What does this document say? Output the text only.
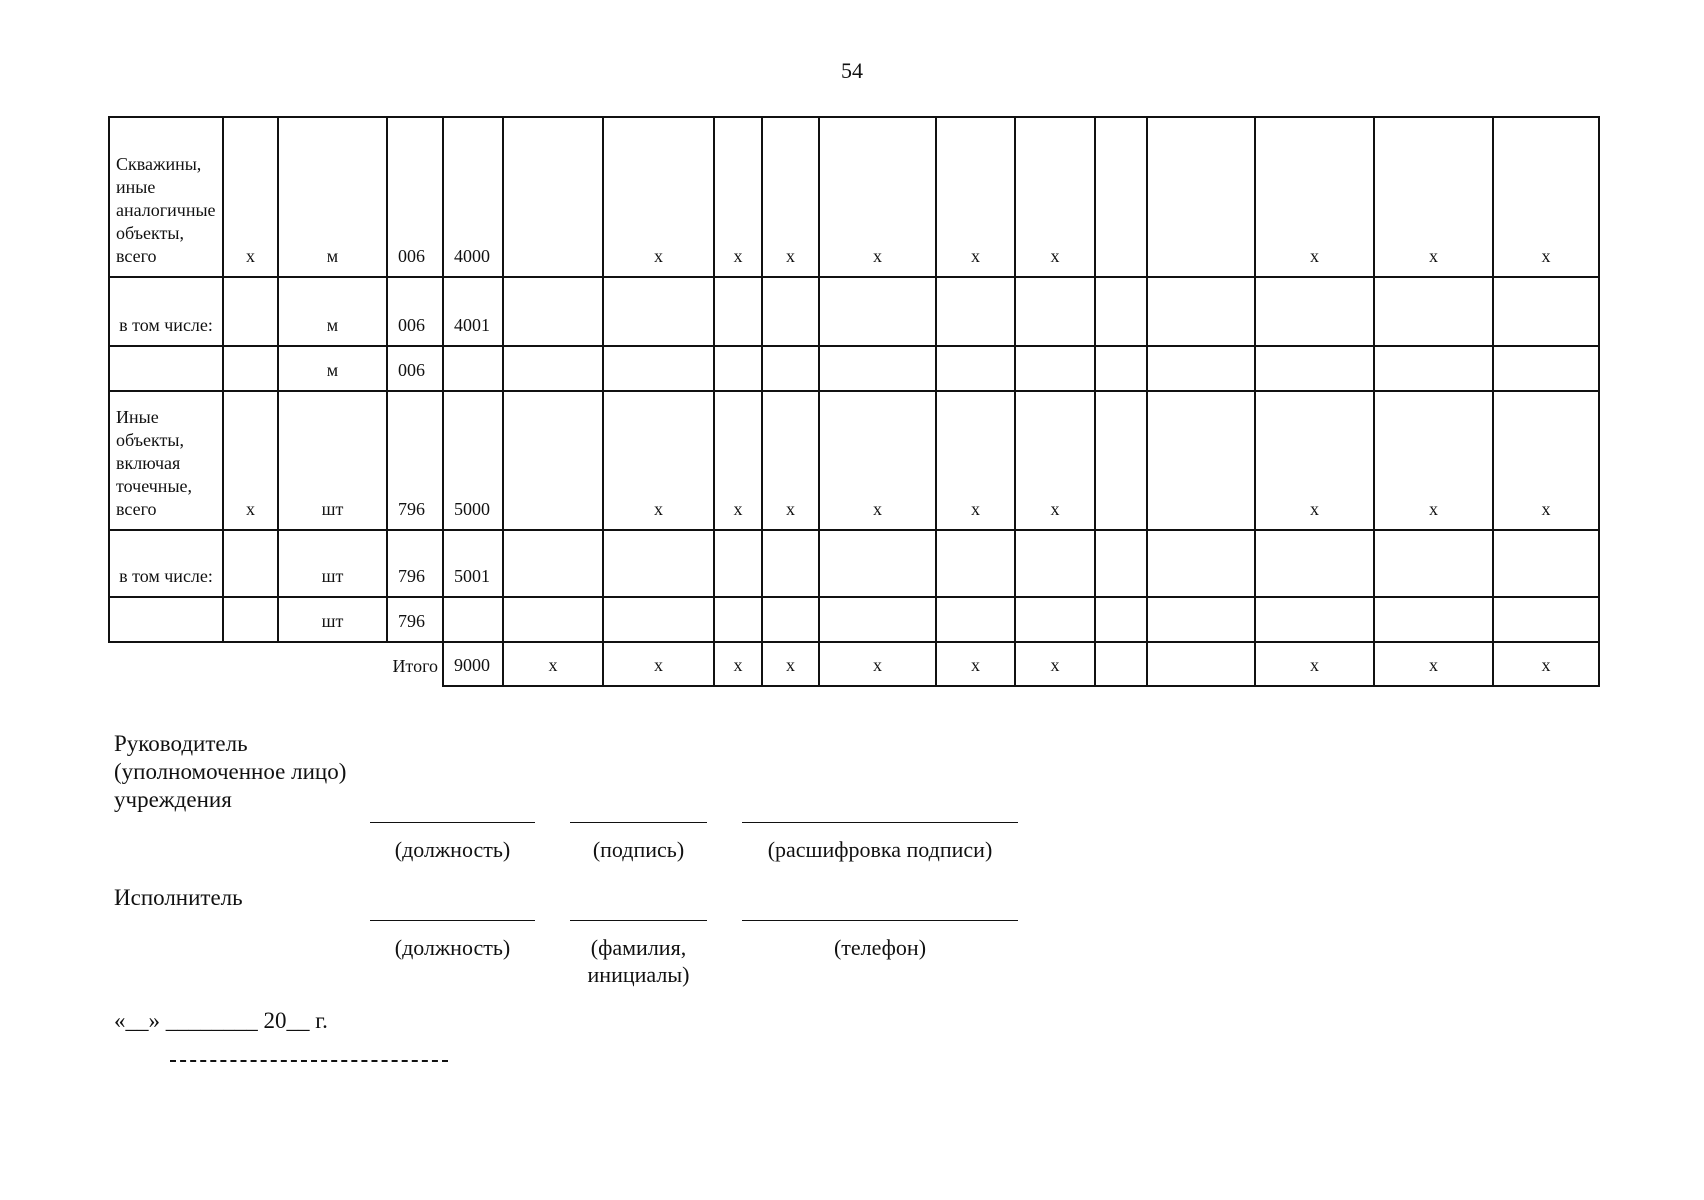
54
Скважины, иные аналогичные объекты, всего	х	м	006	4000		х	х	х	х	х	х			х	х	х
в том числе:		м	006	4001												
		м	006													
Иные объекты, включая точечные, всего	х	шт	796	5000		х	х	х	х	х	х			х	х	х
в том числе:		шт	796	5001												
		шт	796													
Итого				9000	х	х	х	х	х	х	х			х	х	х
Руководитель (уполномоченное лицо) учреждения
(должность)	(подпись)	(расшифровка подписи)
Исполнитель
(должность)	(фамилия, инициалы)
(телефон)
«__» ________ 20__ г.
